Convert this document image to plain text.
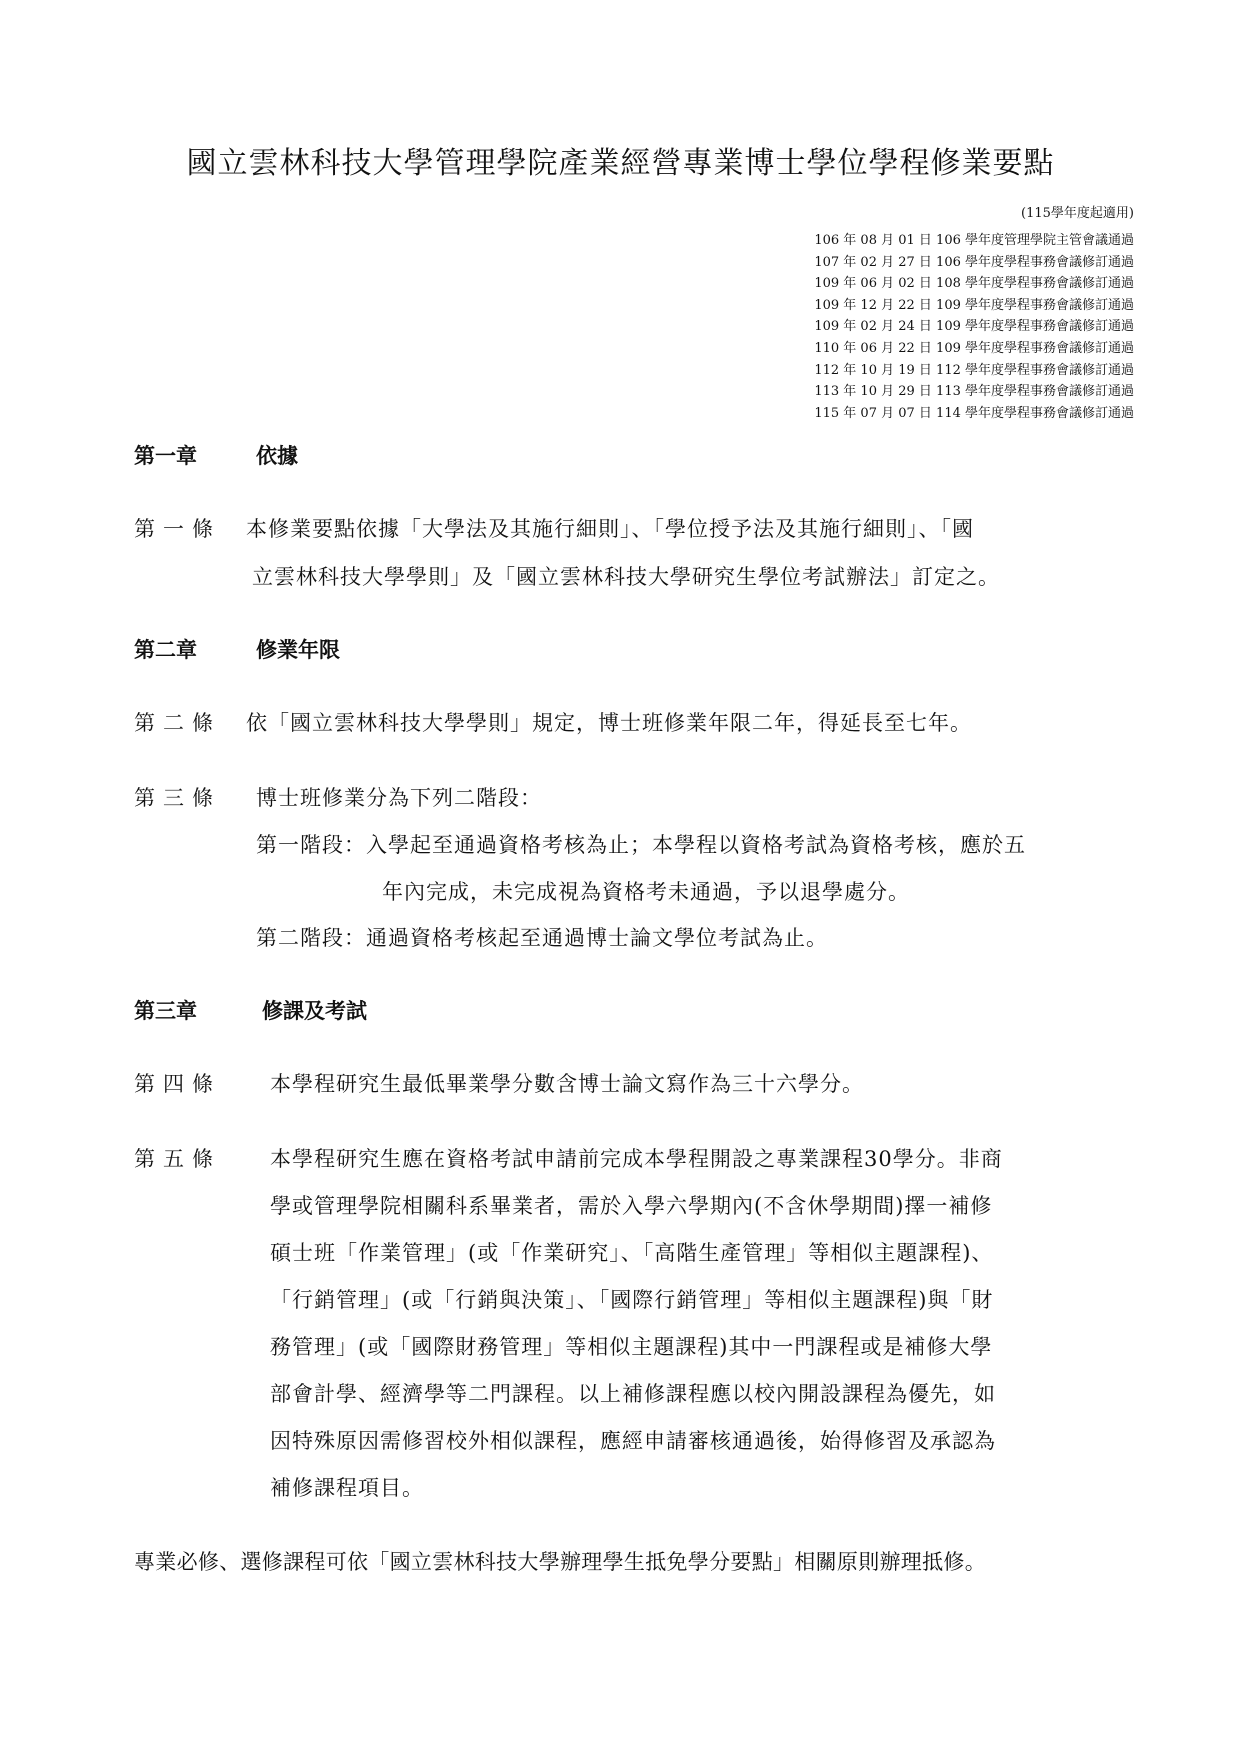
國立雲林科技大學管理學院產業經營專業博士學位學程修業要點
(115學年度起適用)
106 年 08 月 01 日 106 學年度管理學院主管會議通過
107 年 02 月 27 日 106 學年度學程事務會議修訂通過
109 年 06 月 02 日 108 學年度學程事務會議修訂通過
109 年 12 月 22 日 109 學年度學程事務會議修訂通過
109 年 02 月 24 日 109 學年度學程事務會議修訂通過
110 年 06 月 22 日 109 學年度學程事務會議修訂通過
112 年 10 月 19 日 112 學年度學程事務會議修訂通過
113 年 10 月 29 日 113 學年度學程事務會議修訂通過
115 年 07 月 07 日 114 學年度學程事務會議修訂通過
第一章	依據
第一條 本修業要點依據「大學法及其施行細則」、「學位授予法及其施行細則」、「國
立雲林科技大學學則」及「國立雲林科技大學研究生學位考試辦法」訂定之。
第二章	修業年限
第二條 依「國立雲林科技大學學則」規定，博士班修業年限二年，得延長至七年。
第三條 博士班修業分為下列二階段：
第一階段：入學起至通過資格考核為止；本學程以資格考試為資格考核，應於五
年內完成，未完成視為資格考未通過，予以退學處分。
第二階段：通過資格考核起至通過博士論文學位考試為止。
第三章	修課及考試
第四條 本學程研究生最低畢業學分數含博士論文寫作為三十六學分。
第五條 本學程研究生應在資格考試申請前完成本學程開設之專業課程30學分。非商
學或管理學院相關科系畢業者，需於入學六學期內(不含休學期間)擇一補修
碩士班「作業管理」(或「作業研究」、「高階生產管理」等相似主題課程)、
「行銷管理」(或「行銷與決策」、「國際行銷管理」等相似主題課程)與「財
務管理」(或「國際財務管理」等相似主題課程)其中一門課程或是補修大學
部會計學、經濟學等二門課程。以上補修課程應以校內開設課程為優先，如
因特殊原因需修習校外相似課程，應經申請審核通過後，始得修習及承認為
補修課程項目。
專業必修、選修課程可依「國立雲林科技大學辦理學生抵免學分要點」相關原則辦理抵修。
